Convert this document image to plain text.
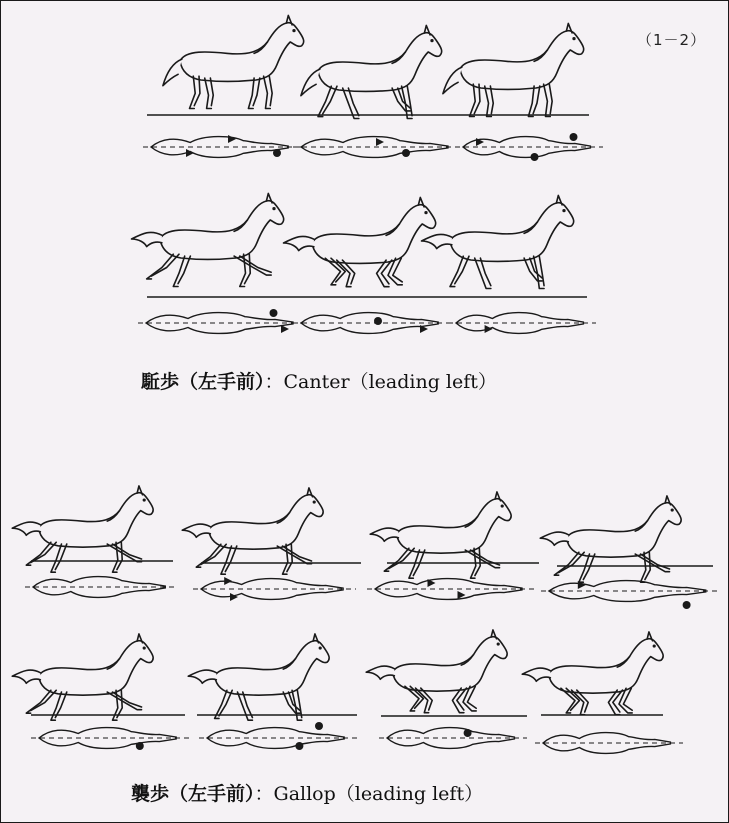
（1－2）
駈歩（左手前）：Canter（leading left）
襲歩（左手前）：Gallop（leading left）
